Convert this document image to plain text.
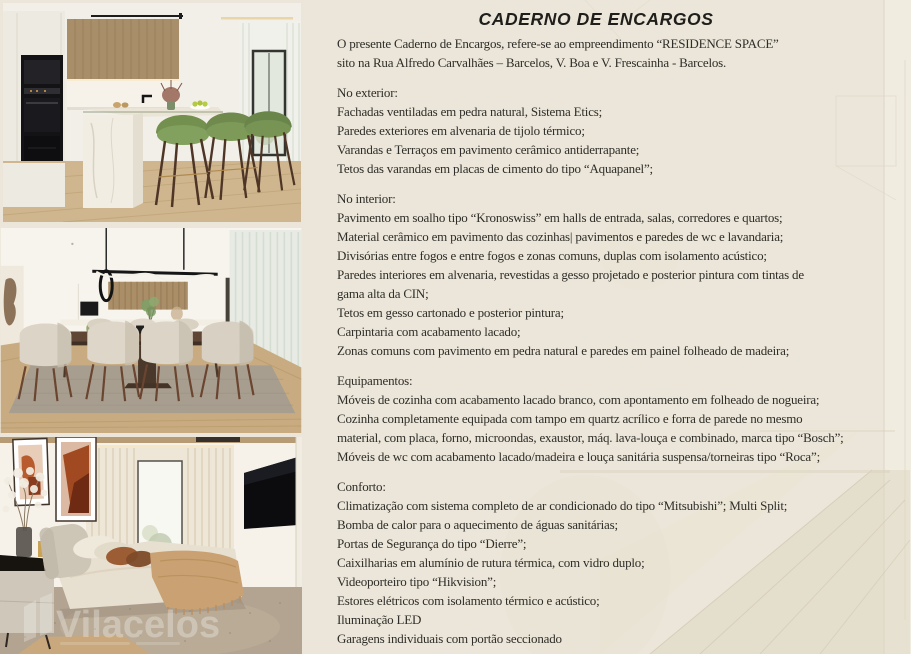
Vilacelos
CADERNO DE ENCARGOS
O presente Caderno de Encargos, refere-se ao empreendimento “RESIDENCE SPACE”
sito na Rua Alfredo Carvalhães – Barcelos, V. Boa e V. Frescainha - Barcelos.
No exterior:
Fachadas ventiladas em pedra natural, Sistema Etics;
Paredes exteriores em alvenaria de tijolo térmico;
Varandas e Terraços em pavimento cerâmico antiderrapante;
Tetos das varandas em placas de cimento do tipo “Aquapanel”;
No interior:
Pavimento em soalho tipo “Kronoswiss” em halls de entrada, salas, corredores e quartos;
Material cerâmico em pavimento das cozinhas| pavimentos e paredes de wc e lavandaria;
Divisórias entre fogos e entre fogos e zonas comuns, duplas com isolamento acústico;
Paredes interiores em alvenaria, revestidas a gesso projetado e posterior pintura com tintas de
gama alta da CIN;
Tetos em gesso cartonado e posterior pintura;
Carpintaria com acabamento lacado;
Zonas comuns com pavimento em pedra natural e paredes em painel folheado de madeira;
Equipamentos:
Móveis de cozinha com acabamento lacado branco, com apontamento em folheado de nogueira;
Cozinha completamente equipada com tampo em quartz acrílico e forra de parede no mesmo
material, com placa, forno, microondas, exaustor, máq. lava-louça e combinado, marca tipo “Bosch”;
Móveis de wc com acabamento lacado/madeira e louça sanitária suspensa/torneiras tipo “Roca”;
Conforto:
Climatização com sistema completo de ar condicionado do tipo “Mitsubishi”; Multi Split;
Bomba de calor para o aquecimento de águas sanitárias;
Portas de Segurança do tipo “Dierre”;
Caixilharias em alumínio de rutura térmica, com vidro duplo;
Videoporteiro tipo “Hikvision”;
Estores elétricos com isolamento térmico e acústico;
Iluminação LED
Garagens individuais com portão seccionado
